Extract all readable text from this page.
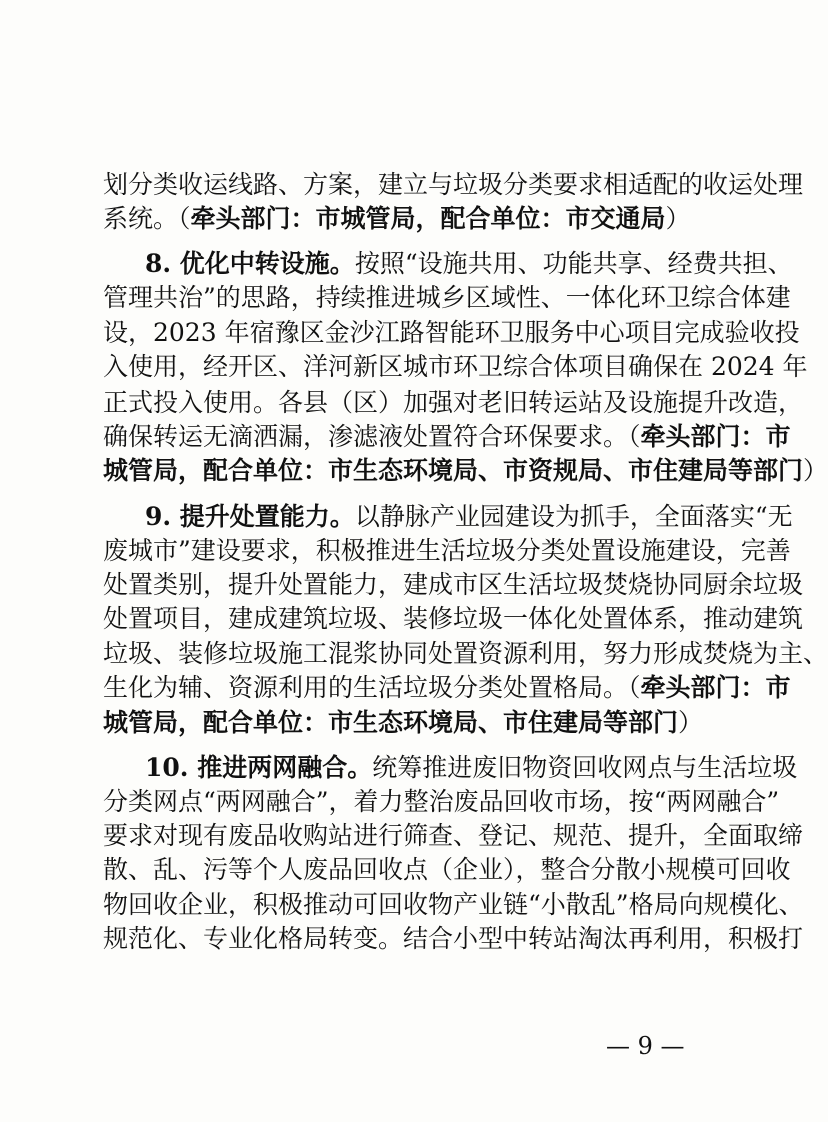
划分类收运线路、方案，建立与垃圾分类要求相适配的收运处理
系统。（牵头部门：市城管局，配合单位：市交通局）
8. 优化中转设施。按照“设施共用、功能共享、经费共担、
管理共治”的思路，持续推进城乡区域性、一体化环卫综合体建
设，2023 年宿豫区金沙江路智能环卫服务中心项目完成验收投
入使用，经开区、洋河新区城市环卫综合体项目确保在 2024 年
正式投入使用。各县（区）加强对老旧转运站及设施提升改造，
确保转运无滴洒漏，渗滤液处置符合环保要求。（牵头部门：市
城管局，配合单位：市生态环境局、市资规局、市住建局等部门）
9. 提升处置能力。以静脉产业园建设为抓手，全面落实“无
废城市”建设要求，积极推进生活垃圾分类处置设施建设，完善
处置类别，提升处置能力，建成市区生活垃圾焚烧协同厨余垃圾
处置项目，建成建筑垃圾、装修垃圾一体化处置体系，推动建筑
垃圾、装修垃圾施工混浆协同处置资源利用，努力形成焚烧为主、
生化为辅、资源利用的生活垃圾分类处置格局。（牵头部门：市
城管局，配合单位：市生态环境局、市住建局等部门）
10. 推进两网融合。统筹推进废旧物资回收网点与生活垃圾
分类网点“两网融合”，着力整治废品回收市场，按“两网融合”
要求对现有废品收购站进行筛查、登记、规范、提升，全面取缔
散、乱、污等个人废品回收点（企业），整合分散小规模可回收
物回收企业，积极推动可回收物产业链“小散乱”格局向规模化、
规范化、专业化格局转变。结合小型中转站淘汰再利用，积极打
— 9 —
